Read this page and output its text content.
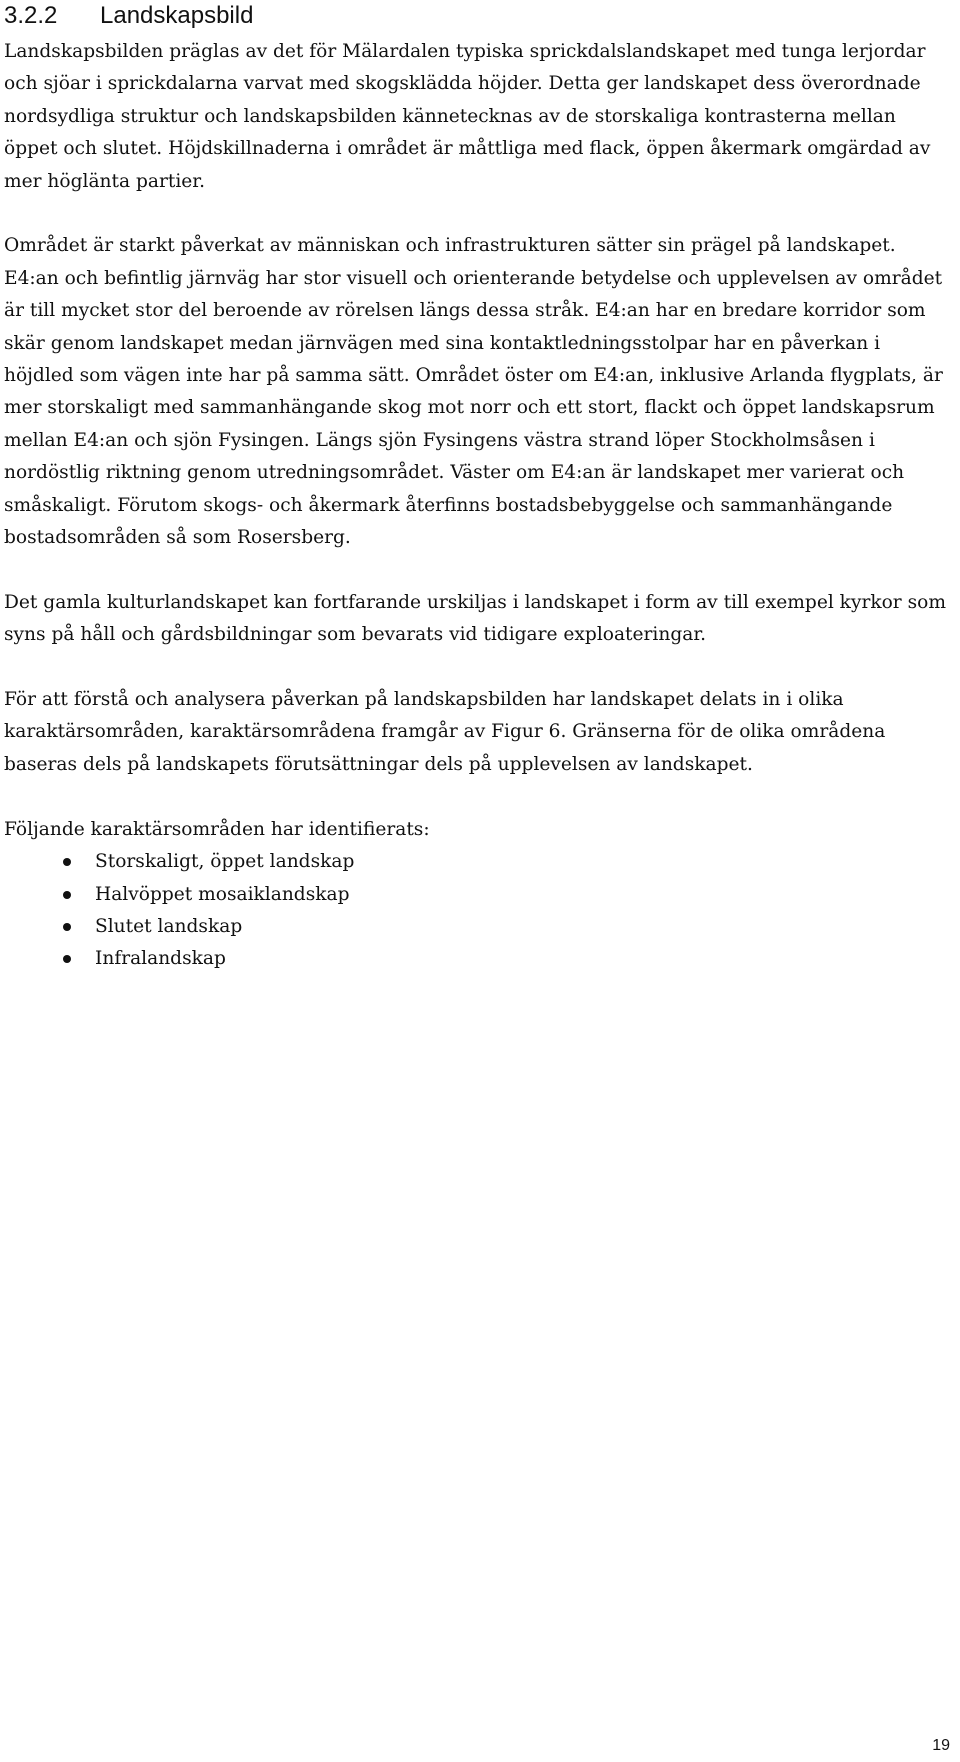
3.2.2 Landskapsbild

Landskapsbilden präglas av det för Mälardalen typiska sprickdalslandskapet med tunga lerjordar och sjöar i sprickdalarna varvat med skogsklädda höjder. Detta ger landskapet dess överordnade nordsydliga struktur och landskapsbilden kännetecknas av de storskaliga kontrasterna mellan öppet och slutet. Höjdskillnaderna i området är måttliga med flack, öppen åkermark omgärdad av mer höglänta partier.

Området är starkt påverkat av människan och infrastrukturen sätter sin prägel på landskapet. E4:an och befintlig järnväg har stor visuell och orienterande betydelse och upplevelsen av området är till mycket stor del beroende av rörelsen längs dessa stråk. E4:an har en bredare korridor som skär genom landskapet medan järnvägen med sina kontaktledningsstolpar har en påverkan i höjdled som vägen inte har på samma sätt. Området öster om E4:an, inklusive Arlanda flygplats, är mer storskaligt med sammanhängande skog mot norr och ett stort, flackt och öppet landskapsrum mellan E4:an och sjön Fysingen. Längs sjön Fysingens västra strand löper Stockholmsåsen i nordöstlig riktning genom utredningsområdet. Väster om E4:an är landskapet mer varierat och småskaligt. Förutom skogs- och åkermark återfinns bostadsbebyggelse och sammanhängande bostadsområden så som Rosersberg.

Det gamla kulturlandskapet kan fortfarande urskiljas i landskapet i form av till exempel kyrkor som syns på håll och gårdsbildningar som bevarats vid tidigare exploateringar.

För att förstå och analysera påverkan på landskapsbilden har landskapet delats in i olika karaktärsområden, karaktärsområdena framgår av Figur 6. Gränserna för de olika områdena baseras dels på landskapets förutsättningar dels på upplevelsen av landskapet.

Följande karaktärsområden har identifierats:

Storskaligt, öppet landskap
Halvöppet mosaiklandskap
Slutet landskap
Infralandskap
19
